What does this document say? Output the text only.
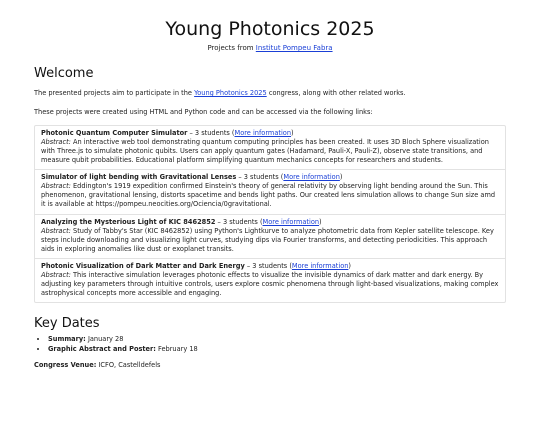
Young Photonics 2025
Projects from Institut Pompeu Fabra
Welcome

The presented projects aim to participate in the Young Photonics 2025 congress, along with other related works.

These projects were created using HTML and Python code and can be accessed via the following links:

Photonic Quantum Computer Simulator – 3 students (More information)
Abstract: An interactive web tool demonstrating quantum computing principles has been created. It uses 3D Bloch Sphere visualization with Three.js to simulate photonic qubits. Users can apply quantum gates (Hadamard, Pauli-X, Pauli-Z), observe state transitions, and measure qubit probabilities. Educational platform simplifying quantum mechanics concepts for researchers and students.
Simulator of light bending with Gravitational Lenses – 3 students (More information)
Abstract: Eddington's 1919 expedition confirmed Einstein's theory of general relativity by observing light bending around the Sun. This phenomenon, gravitational lensing, distorts spacetime and bends light paths. Our created lens simulation allows to change Sun size amd it is available at https://pompeu.neocities.org/Ociencia/0gravitational.
Analyzing the Mysterious Light of KIC 8462852 – 3 students (More information)
Abstract: Study of Tabby's Star (KIC 8462852) using Python's Lightkurve to analyze photometric data from Kepler satellite telescope. Key steps include downloading and visualizing light curves, studying dips via Fourier transforms, and detecting periodicities. This approach aids in exploring anomalies like dust or exoplanet transits.
Photonic Visualization of Dark Matter and Dark Energy – 3 students (More information)
Abstract: This interactive simulation leverages photonic effects to visualize the invisible dynamics of dark matter and dark energy. By adjusting key parameters through intuitive controls, users explore cosmic phenomena through light-based visualizations, making complex astrophysical concepts more accessible and engaging.
Key Dates
• Summary: January 28
• Graphic Abstract and Poster: February 18
Congress Venue: ICFO, Castelldefels
